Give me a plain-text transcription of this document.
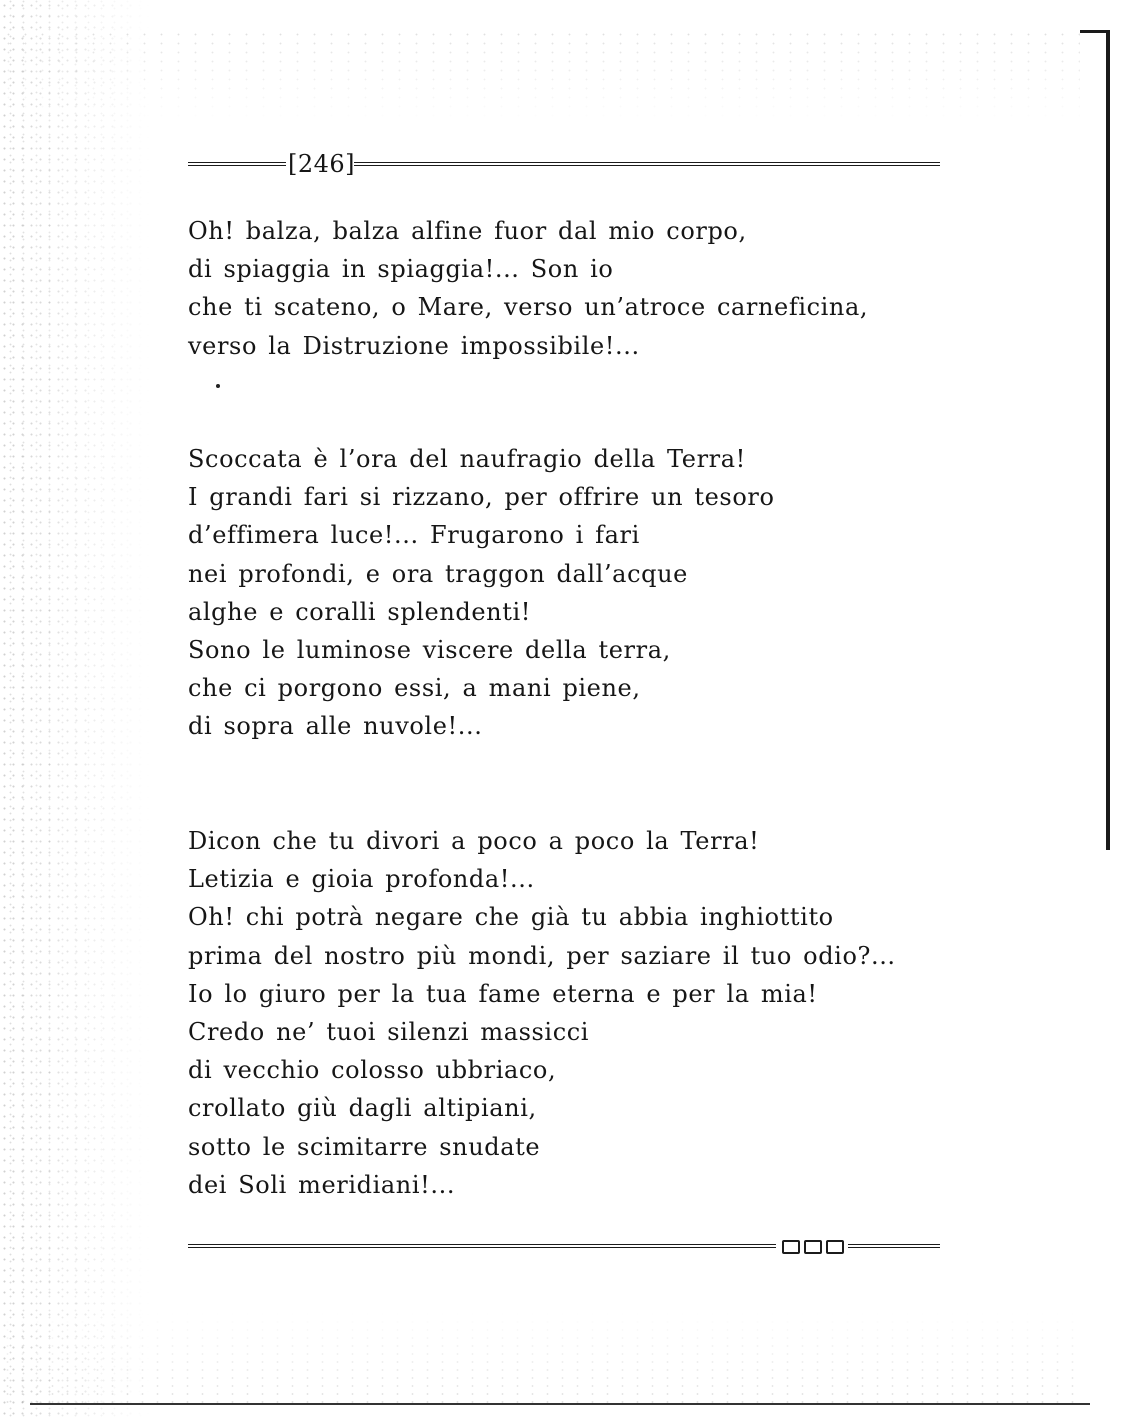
[246]
Oh! balza, balza alfine fuor dal mio corpo,
di spiaggia in spiaggia!... Son io
che ti scateno, o Mare, verso un’atroce carneficina,
verso la Distruzione impossibile!...
Scoccata è l’ora del naufragio della Terra!
I grandi fari si rizzano, per offrire un tesoro
d’effimera luce!... Frugarono i fari
nei profondi, e ora traggon dall’acque
alghe e coralli splendenti!
Sono le luminose viscere della terra,
che ci porgono essi, a mani piene,
di sopra alle nuvole!...
Dicon che tu divori a poco a poco la Terra!
Letizia e gioia profonda!...
Oh! chi potrà negare che già tu abbia inghiottito
prima del nostro più mondi, per saziare il tuo odio?...
Io lo giuro per la tua fame eterna e per la mia!
Credo ne’ tuoi silenzi massicci
di vecchio colosso ubbriaco,
crollato giù dagli altipiani,
sotto le scimitarre snudate
dei Soli meridiani!...
